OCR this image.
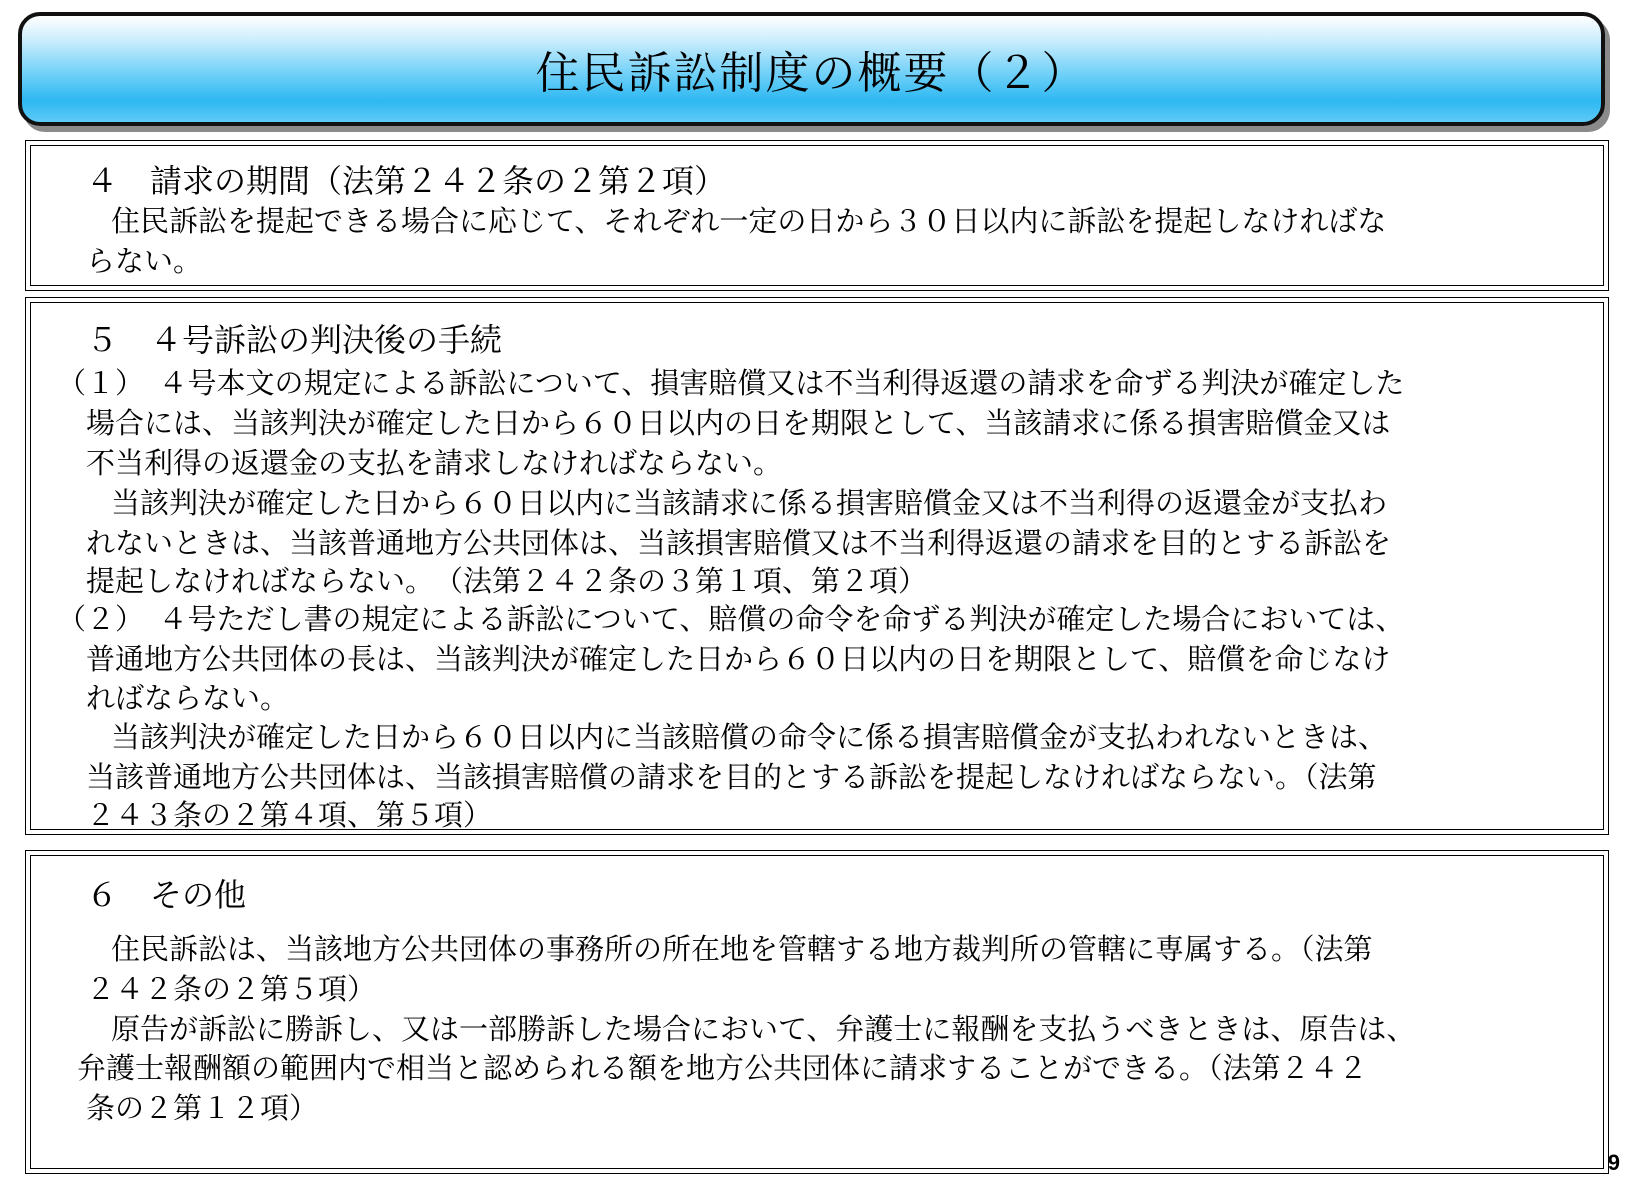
住民訴訟制度の概要（２）
４　請求の期間（法第２４２条の２第２項）
住民訴訟を提起できる場合に応じて、それぞれ一定の日から３０日以内に訴訟を提起しなければな
らない。
５　４号訴訟の判決後の手続
（１）　４号本文の規定による訴訟について、損害賠償又は不当利得返還の請求を命ずる判決が確定した
場合には、当該判決が確定した日から６０日以内の日を期限として、当該請求に係る損害賠償金又は
不当利得の返還金の支払を請求しなければならない。
当該判決が確定した日から６０日以内に当該請求に係る損害賠償金又は不当利得の返還金が支払わ
れないときは、当該普通地方公共団体は、当該損害賠償又は不当利得返還の請求を目的とする訴訟を
提起しなければならない。　（法第２４２条の３第１項、第２項）
（２）　４号ただし書の規定による訴訟について、賠償の命令を命ずる判決が確定した場合においては、
普通地方公共団体の長は、当該判決が確定した日から６０日以内の日を期限として、賠償を命じなけ
ればならない。
当該判決が確定した日から６０日以内に当該賠償の命令に係る損害賠償金が支払われないときは、
当該普通地方公共団体は、当該損害賠償の請求を目的とする訴訟を提起しなければならない。（法第
２４３条の２第４項、第５項）
６　その他
住民訴訟は、当該地方公共団体の事務所の所在地を管轄する地方裁判所の管轄に専属する。（法第
２４２条の２第５項）
原告が訴訟に勝訴し、又は一部勝訴した場合において、弁護士に報酬を支払うべきときは、原告は、
弁護士報酬額の範囲内で相当と認められる額を地方公共団体に請求することができる。（法第２４２
条の２第１２項）
9
